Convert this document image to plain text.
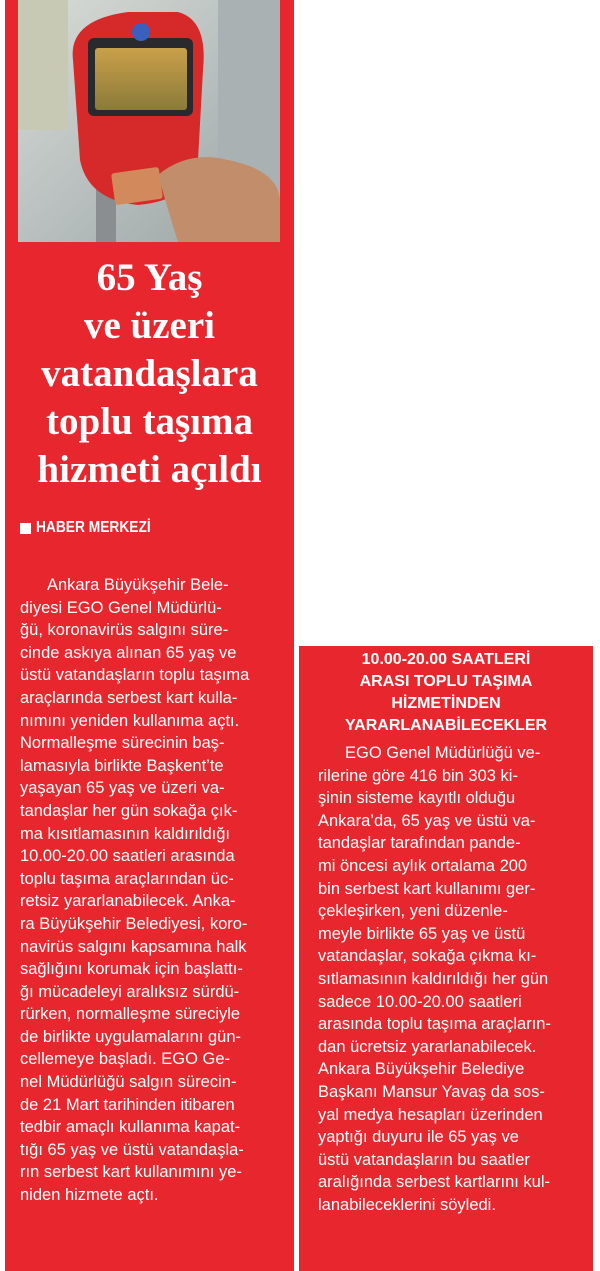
65 Yaş
ve üzeri
vatandaşlara
toplu taşıma
hizmeti açıldı
HABER MERKEZİ
Ankara Büyükşehir Bele-
diyesi EGO Genel Müdürlü-
ğü, koronavirüs salgını süre-
cinde askıya alınan 65 yaş ve
üstü vatandaşların toplu taşıma
araçlarında serbest kart kulla-
nımını yeniden kullanıma açtı.
Normalleşme sürecinin baş-
lamasıyla birlikte Başkent’te
yaşayan 65 yaş ve üzeri va-
tandaşlar her gün sokağa çık-
ma kısıtlamasının kaldırıldığı
10.00-20.00 saatleri arasında
toplu taşıma araçlarından üc-
retsiz yararlanabilecek. Anka-
ra Büyükşehir Belediyesi, koro-
navirüs salgını kapsamına halk
sağlığını korumak için başlattı-
ğı mücadeleyi aralıksız sürdü-
rürken, normalleşme süreciyle
de birlikte uygulamalarını gün-
cellemeye başladı. EGO Ge-
nel Müdürlüğü salgın sürecin-
de 21 Mart tarihinden itibaren
tedbir amaçlı kullanıma kapat-
tığı 65 yaş ve üstü vatandaşla-
rın serbest kart kullanımını ye-
niden hizmete açtı.
10.00-20.00 SAATLERİ
ARASI TOPLU TAŞIMA
HİZMETİNDEN
YARARLANABİLECEKLER
EGO Genel Müdürlüğü ve-
rilerine göre 416 bin 303 ki-
şinin sisteme kayıtlı olduğu
Ankara’da, 65 yaş ve üstü va-
tandaşlar tarafından pande-
mi öncesi aylık ortalama 200
bin serbest kart kullanımı ger-
çekleşirken, yeni düzenle-
meyle birlikte 65 yaş ve üstü
vatandaşlar, sokağa çıkma kı-
sıtlamasının kaldırıldığı her gün
sadece 10.00-20.00 saatleri
arasında toplu taşıma araçların-
dan ücretsiz yararlanabilecek.
Ankara Büyükşehir Belediye
Başkanı Mansur Yavaş da sos-
yal medya hesapları üzerinden
yaptığı duyuru ile 65 yaş ve
üstü vatandaşların bu saatler
aralığında serbest kartlarını kul-
lanabileceklerini söyledi.
